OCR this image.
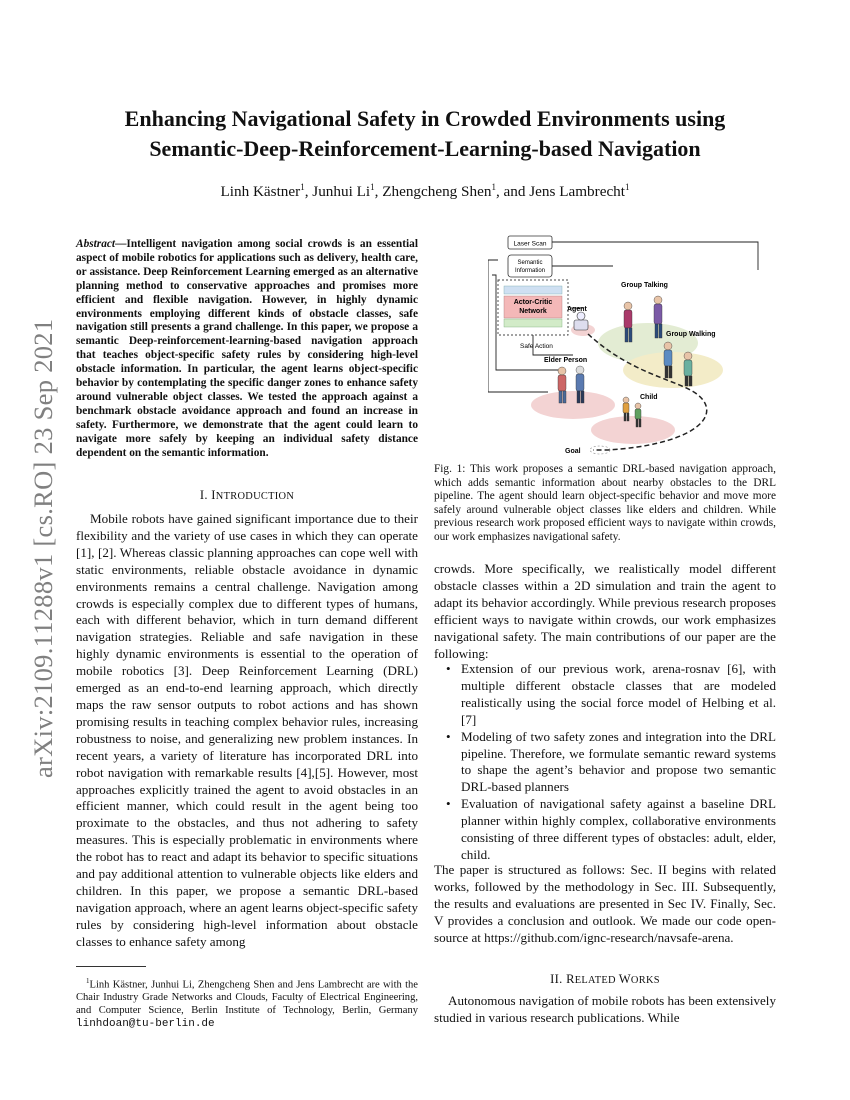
arXiv:2109.11288v1 [cs.RO] 23 Sep 2021
Enhancing Navigational Safety in Crowded Environments using
Semantic-Deep-Reinforcement-Learning-based Navigation
Linh Kästner$^1$, Junhui Li$^1$, Zhengcheng Shen$^1$, and Jens Lambrecht$^1$
Abstract—Intelligent navigation among social crowds is an essential aspect of mobile robotics for applications such as delivery, health care, or assistance. Deep Reinforcement Learning emerged as an alternative planning method to conservative approaches and promises more efficient and flexible navigation. However, in highly dynamic environments employing different kinds of obstacle classes, safe navigation still presents a grand challenge. In this paper, we propose a semantic Deep-reinforcement-learning-based navigation approach that teaches object-specific safety rules by considering high-level obstacle information. In particular, the agent learns object-specific behavior by contemplating the specific danger zones to enhance safety around vulnerable object classes. We tested the approach against a benchmark obstacle avoidance approach and found an increase in safety. Furthermore, we demonstrate that the agent could learn to navigate more safely by keeping an individual safety distance dependent on the semantic information.
I. INTRODUCTION

Mobile robots have gained significant importance due to their flexibility and the variety of use cases in which they can operate [1], [2]. Whereas classic planning approaches can cope well with static environments, reliable obstacle avoidance in dynamic environments remains a central challenge. Navigation among crowds is especially complex due to different types of humans, each with different behavior, which in turn demand different navigation strategies. Reliable and safe navigation in these highly dynamic environments is essential to the operation of mobile robotics [3]. Deep Reinforcement Learning (DRL) emerged as an end-to-end learning approach, which directly maps the raw sensor outputs to robot actions and has shown promising results in teaching complex behavior rules, increasing robustness to noise, and generalizing new problem instances. In recent years, a variety of literature has incorporated DRL into robot navigation with remarkable results [4],[5]. However, most approaches explicitly trained the agent to avoid obstacles in an efficient manner, which could result in the agent being too proximate to the obstacles, and thus not adhering to safety measures. This is especially problematic in environments where the robot has to react and adapt its behavior to specific situations and pay additional attention to vulnerable objects like elders and children. In this paper, we propose a semantic DRL-based navigation approach, where an agent learns object-specific safety rules by considering high-level information about obstacle classes to enhance safety among

$^1$Linh Kästner, Junhui Li, Zhengcheng Shen and Jens Lambrecht are with the Chair Industry Grade Networks and Clouds, Faculty of Electrical Engineering, and Computer Science, Berlin Institute of Technology, Berlin, Germany linhdoan@tu-berlin.de
Laser Scan
Semantic
Information
Actor-Critic
Network
Safe Action
Agent
Group Talking
Group Walking
Elder Person
Child
Goal
Fig. 1: This work proposes a semantic DRL-based navigation approach, which adds semantic information about nearby obstacles to the DRL pipeline. The agent should learn object-specific behavior and move more safely around vulnerable object classes like elders and children. While previous research work proposed efficient ways to navigate within crowds, our work emphasizes navigational safety.

crowds. More specifically, we realistically model different obstacle classes within a 2D simulation and train the agent to adapt its behavior accordingly. While previous research proposes efficient ways to navigate within crowds, our work emphasizes navigational safety. The main contributions of our paper are the following:

• Extension of our previous work, arena-rosnav [6], with multiple different obstacle classes that are modeled realistically using the social force model of Helbing et al. [7]
• Modeling of two safety zones and integration into the DRL pipeline. Therefore, we formulate semantic reward systems to shape the agent’s behavior and propose two semantic DRL-based planners
• Evaluation of navigational safety against a baseline DRL planner within highly complex, collaborative environments consisting of three different types of obstacles: adult, elder, child.

The paper is structured as follows: Sec. II begins with related works, followed by the methodology in Sec. III. Subsequently, the results and evaluations are presented in Sec IV. Finally, Sec. V provides a conclusion and outlook. We made our code open-source at https://github.com/ignc-research/navsafe-arena.

II. RELATED WORKS

Autonomous navigation of mobile robots has been extensively studied in various research publications. While
